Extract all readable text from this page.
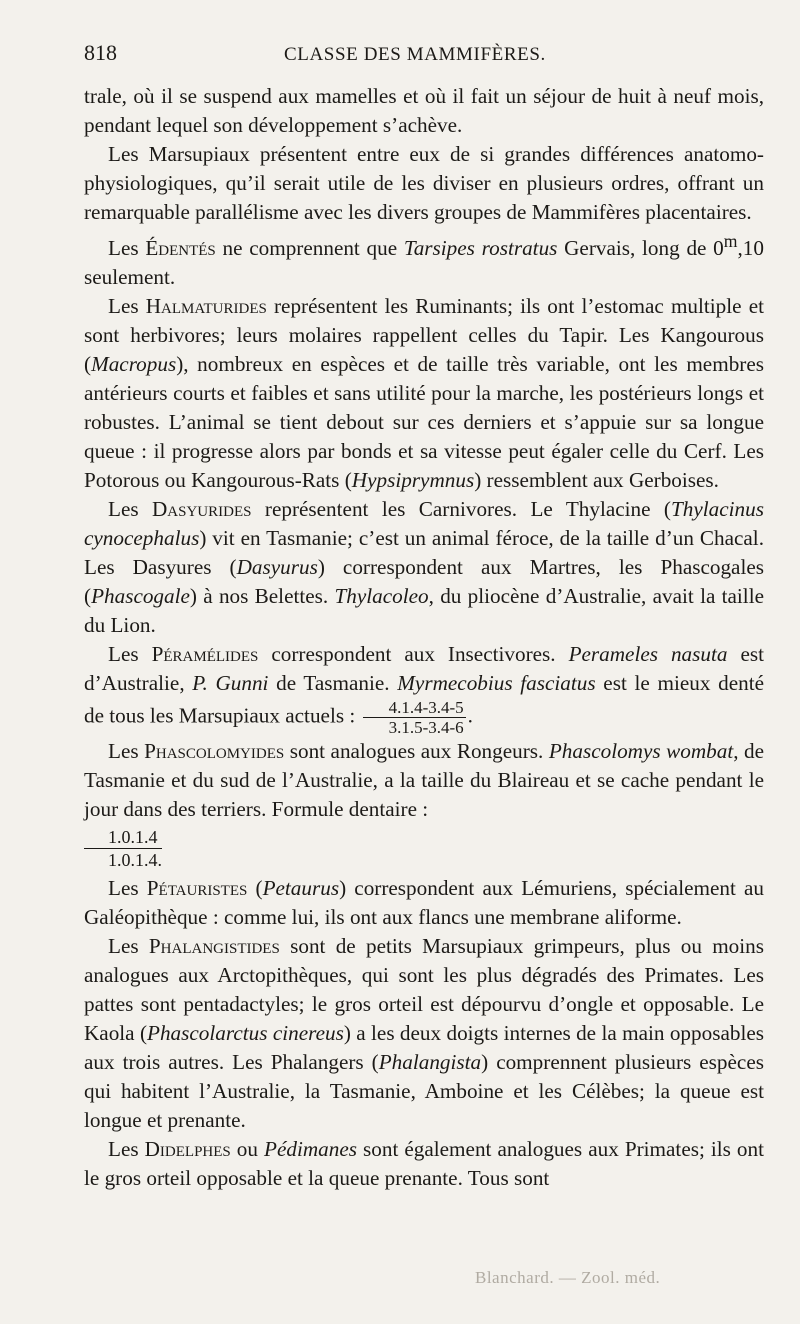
818	CLASSE DES MAMMIFÈRES.

trale, où il se suspend aux mamelles et où il fait un séjour de huit à neuf mois, pendant lequel son développement s’achève.

Les Marsupiaux présentent entre eux de si grandes différences anatomo-physiologiques, qu’il serait utile de les diviser en plusieurs ordres, offrant un remarquable parallélisme avec les divers groupes de Mammifères placentaires.

Les Édentés ne comprennent que Tarsipes rostratus Gervais, long de 0$^m$,10 seulement.

Les Halmaturides représentent les Ruminants; ils ont l’estomac multiple et sont herbivores; leurs molaires rappellent celles du Tapir. Les Kangourous (Macropus), nombreux en espèces et de taille très variable, ont les membres antérieurs courts et faibles et sans utilité pour la marche, les postérieurs longs et robustes. L’animal se tient debout sur ces derniers et s’appuie sur sa longue queue : il progresse alors par bonds et sa vitesse peut égaler celle du Cerf. Les Potorous ou Kangourous-Rats (Hypsiprymnus) ressemblent aux Gerboises.

Les Dasyurides représentent les Carnivores. Le Thylacine (Thylacinus cynocephalus) vit en Tasmanie; c’est un animal féroce, de la taille d’un Chacal. Les Dasyures (Dasyurus) correspondent aux Martres, les Phascogales (Phascogale) à nos Belettes. Thylacoleo, du pliocène d’Australie, avait la taille du Lion.

Les Péramélides correspondent aux Insectivores. Perameles nasuta est d’Australie, P. Gunni de Tasmanie. Myrmecobius fasciatus est le mieux denté de tous les Marsupiaux actuels : $\frac{4.1.4-3.4-5}{3.1.5-3.4-6}$ .

Les Phascolomyides sont analogues aux Rongeurs. Phascolomys wombat, de Tasmanie et du sud de l’Australie, a la taille du Blaireau et se cache pendant le jour dans des terriers. Formule dentaire :

1.0.1.4
1.0.1.4.

Les Pétauristes (Petaurus) correspondent aux Lémuriens, spécialement au Galéopithèque : comme lui, ils ont aux flancs une membrane aliforme.

Les Phalangistides sont de petits Marsupiaux grimpeurs, plus ou moins analogues aux Arctopithèques, qui sont les plus dégradés des Primates. Les pattes sont pentadactyles; le gros orteil est dépourvu d’ongle et opposable. Le Kaola (Phascolarctus cinereus) a les deux doigts internes de la main opposables aux trois autres. Les Phalangers (Phalangista) comprennent plusieurs espèces qui habitent l’Australie, la Tasmanie, Amboine et les Célèbes; la queue est longue et prenante.

Les Didelphes ou Pédimanes sont également analogues aux Primates; ils ont le gros orteil opposable et la queue prenante. Tous sont

Blanchard. — Zool. méd.
